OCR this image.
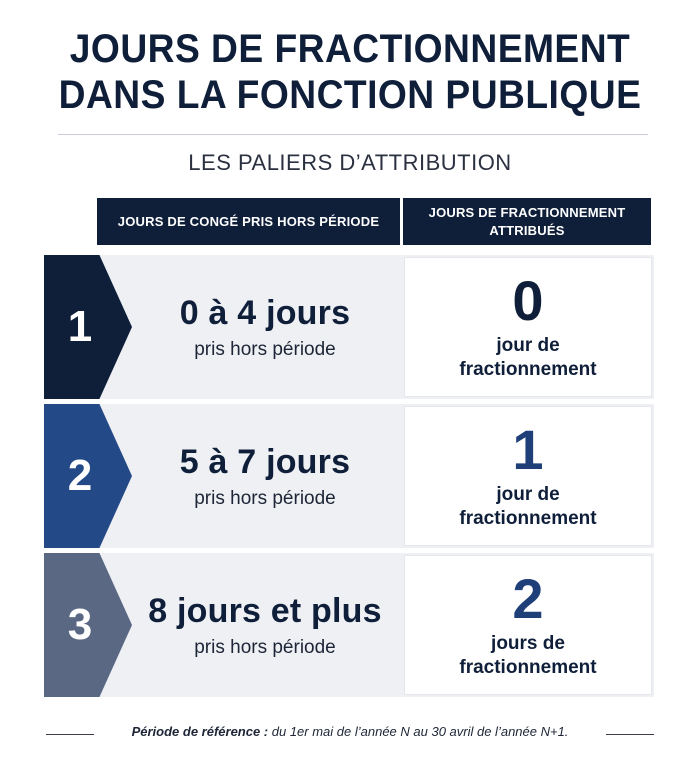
JOURS DE FRACTIONNEMENT
DANS LA FONCTION PUBLIQUE
LES PALIERS D’ATTRIBUTION
JOURS DE CONGÉ PRIS HORS PÉRIODE
JOURS DE FRACTIONNEMENT
ATTRIBUÉS
1	0 à 4 jours
pris hors période
0
jour de
fractionnement
2	5 à 7 jours
pris hors période
1
jour de
fractionnement
3 8 jours et plus
pris hors période
2
jours de
fractionnement
Période de référence : du 1er mai de l’année N au 30 avril de l’année N+1.
